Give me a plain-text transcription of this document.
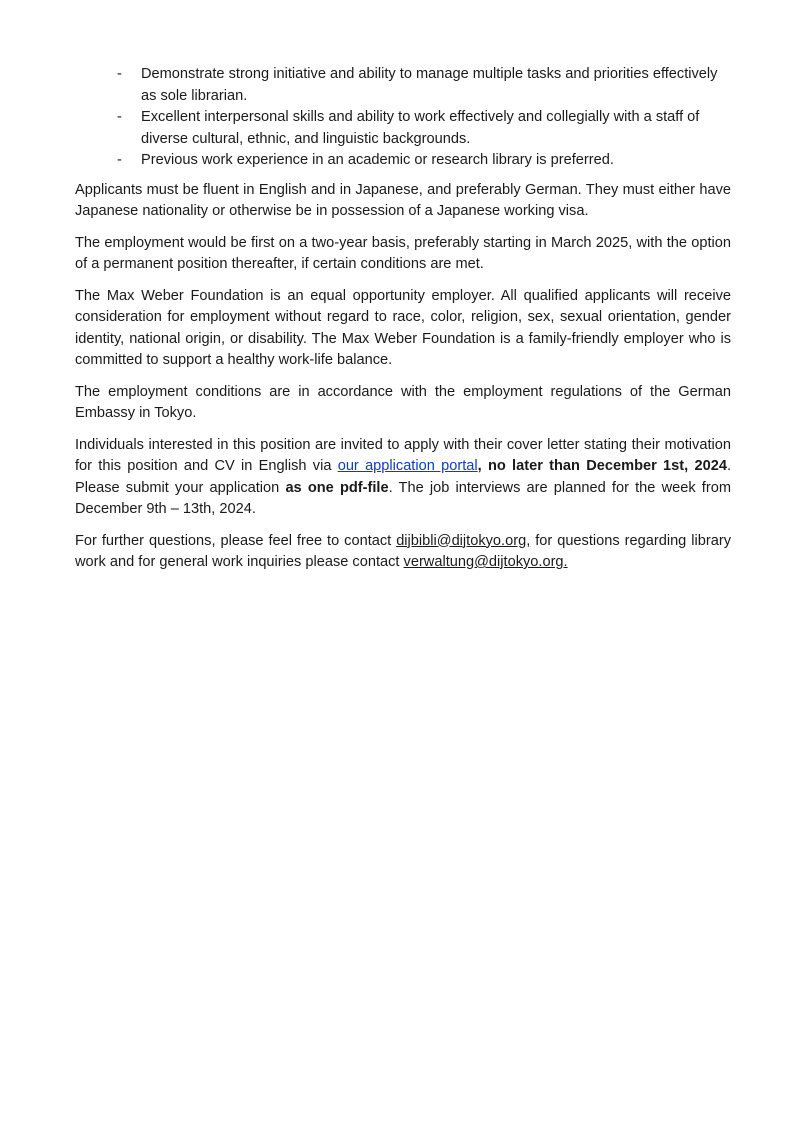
- Demonstrate strong initiative and ability to manage multiple tasks and priorities effectively as sole librarian.
- Excellent interpersonal skills and ability to work effectively and collegially with a staff of diverse cultural, ethnic, and linguistic backgrounds.
- Previous work experience in an academic or research library is preferred.

Applicants must be fluent in English and in Japanese, and preferably German. They must either have Japanese nationality or otherwise be in possession of a Japanese working visa.

The employment would be first on a two-year basis, preferably starting in March 2025, with the option of a permanent position thereafter, if certain conditions are met.

The Max Weber Foundation is an equal opportunity employer. All qualified applicants will receive consideration for employment without regard to race, color, religion, sex, sexual orientation, gender identity, national origin, or disability. The Max Weber Foundation is a family-friendly employer who is committed to support a healthy work-life balance.

The employment conditions are in accordance with the employment regulations of the German Embassy in Tokyo.

Individuals interested in this position are invited to apply with their cover letter stating their motivation for this position and CV in English via our application portal, no later than December 1st, 2024. Please submit your application as one pdf-file. The job interviews are planned for the week from December 9th – 13th, 2024.

For further questions, please feel free to contact dijbibli@dijtokyo.org, for questions regarding library work and for general work inquiries please contact verwaltung@dijtokyo.org.
